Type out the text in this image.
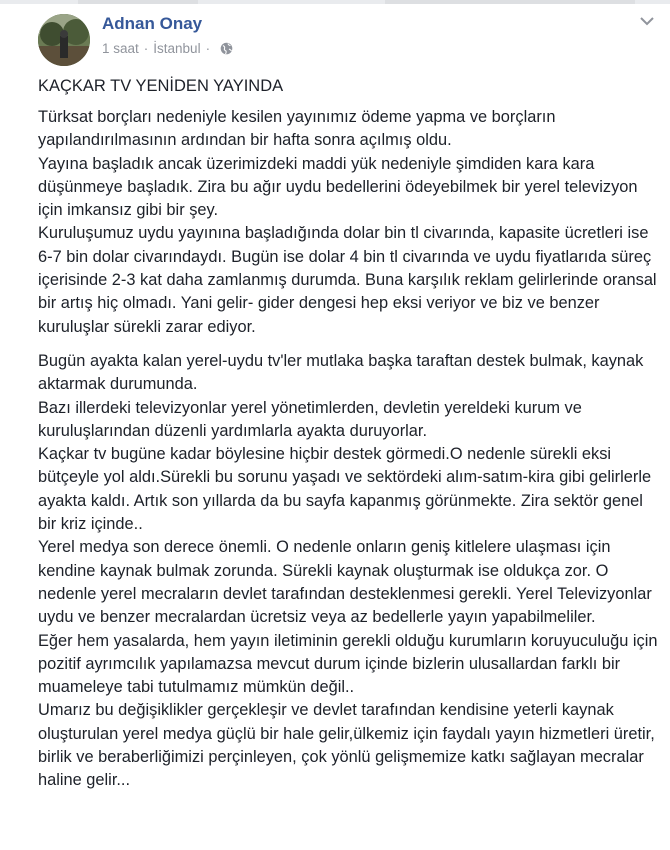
Adnan Onay
1 saat · İstanbul ·
KAÇKAR TV YENİDEN YAYINDA

Türksat borçları nedeniyle kesilen yayınımız ödeme yapma ve borçların yapılandırılmasının ardından bir hafta sonra açılmış oldu.

Yayına başladık ancak üzerimizdeki maddi yük nedeniyle şimdiden kara kara düşünmeye başladık. Zira bu ağır uydu bedellerini ödeyebilmek bir yerel televizyon için imkansız gibi bir şey.

Kuruluşumuz uydu yayınına başladığında dolar bin tl civarında, kapasite ücretleri ise 6-7 bin dolar civarındaydı. Bugün ise dolar 4 bin tl civarında ve uydu fiyatlarıda süreç içerisinde 2-3 kat daha zamlanmış durumda. Buna karşılık reklam gelirlerinde oransal bir artış hiç olmadı. Yani gelir- gider dengesi hep eksi veriyor ve biz ve benzer kuruluşlar sürekli zarar ediyor.

Bugün ayakta kalan yerel-uydu tv'ler mutlaka başka taraftan destek bulmak, kaynak aktarmak durumunda.

Bazı illerdeki televizyonlar yerel yönetimlerden, devletin yereldeki kurum ve kuruluşlarından düzenli yardımlarla ayakta duruyorlar.

Kaçkar tv bugüne kadar böylesine hiçbir destek görmedi.O nedenle sürekli eksi bütçeyle yol aldı.Sürekli bu sorunu yaşadı ve sektördeki alım-satım-kira gibi gelirlerle ayakta kaldı. Artık son yıllarda da bu sayfa kapanmış görünmekte. Zira sektör genel bir kriz içinde..

Yerel medya son derece önemli. O nedenle onların geniş kitlelere ulaşması için kendine kaynak bulmak zorunda. Sürekli kaynak oluşturmak ise oldukça zor. O nedenle yerel mecraların devlet tarafından desteklenmesi gerekli. Yerel Televizyonlar uydu ve benzer mecralardan ücretsiz veya az bedellerle yayın yapabilmeliler.

Eğer hem yasalarda, hem yayın iletiminin gerekli olduğu kurumların koruyuculuğu için pozitif ayrımcılık yapılamazsa mevcut durum içinde bizlerin ulusallardan farklı bir muameleye tabi tutulmamız mümkün değil..

Umarız bu değişiklikler gerçekleşir ve devlet tarafından kendisine yeterli kaynak oluşturulan yerel medya güçlü bir hale gelir,ülkemiz için faydalı yayın hizmetleri üretir, birlik ve beraberliğimizi perçinleyen, çok yönlü gelişmemize katkı sağlayan mecralar haline gelir...
